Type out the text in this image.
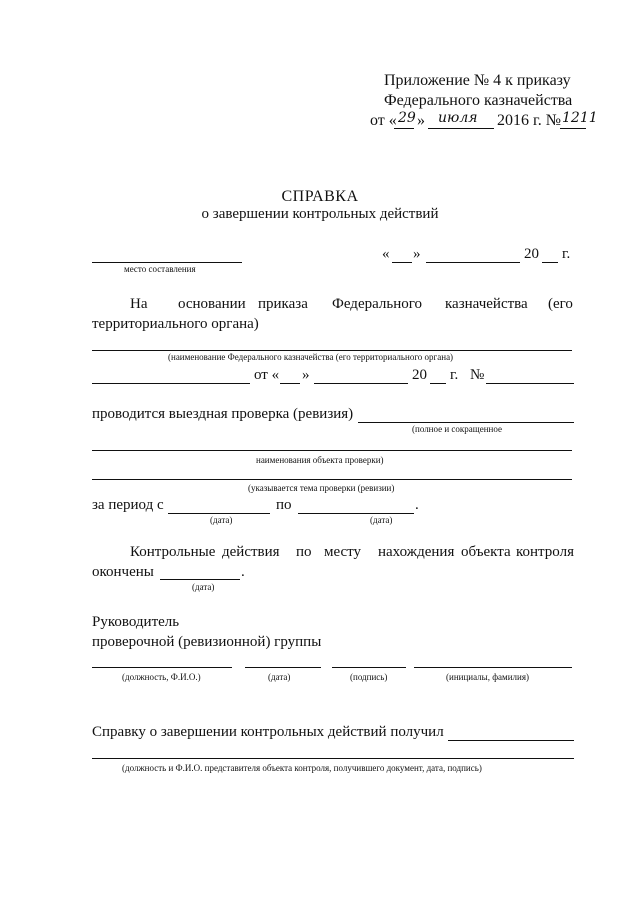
Приложение № 4 к приказу
Федерального казначейства
от « 29 » июля 2016 г. № 1211
СПРАВКА
о завершении контрольных действий
место составления
« »	20 г.
На основании приказа Федерального казначейства (его
территориального органа)
(наименование Федерального казначейства (его территориального органа)
от « »	20 г. №
проводится выездная проверка (ревизия)
(полное и сокращенное
наименования объекта проверки)
(указывается тема проверки (ревизии)
за период с	по	.
(дата)	(дата)
Контрольные действия по месту нахождения объекта контроля
окончены	.
(дата)
Руководитель
проверочной (ревизионной) группы
(должность, Ф.И.О.)	(дата)	(подпись)	(инициалы, фамилия)
Справку о завершении контрольных действий получил
(должность и Ф.И.О. представителя объекта контроля, получившего документ, дата, подпись)
